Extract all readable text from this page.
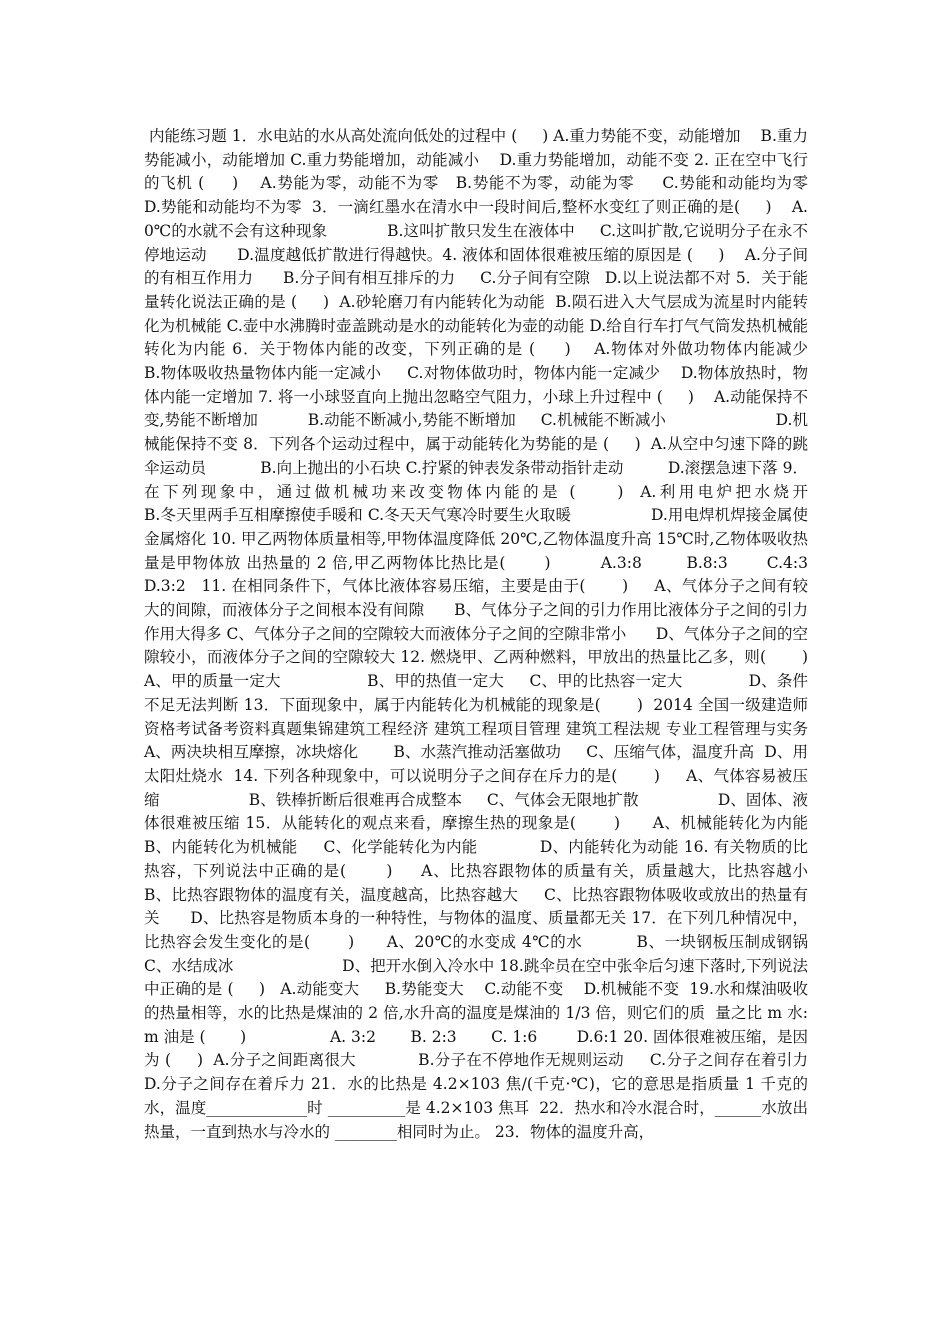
内能练习题 1．水电站的水从高处流向低处的过程中 (     ) A.重力势能不变，动能增加    B.重力势能减小，动能增加 C.重力势能增加，动能减小    D.重力势能增加，动能不变 2. 正在空中飞行的飞机 (     )    A.势能为零，动能不为零   B.势能不为零，动能为零     C.势能和动能均为零      D.势能和动能均不为零  3．一滴红墨水在清水中一段时间后,整杯水变红了则正确的是(     )    A.0℃的水就不会有这种现象            B.这叫扩散只发生在液体中     C.这叫扩散,它说明分子在永不停地运动      D.温度越低扩散进行得越快。4. 液体和固体很难被压缩的原因是 (     )    A.分子间的有相互作用力      B.分子间有相互排斥的力     C.分子间有空隙   D.以上说法都不对 5．关于能量转化说法正确的是 (     )  A.砂轮磨刀有内能转化为动能  B.陨石进入大气层成为流星时内能转化为机械能 C.壶中水沸腾时壶盖跳动是水的动能转化为壶的动能 D.给自行车打气气筒发热机械能转化为内能 6．关于物体内能的改变，下列正确的是 (     )    A.物体对外做功物体内能减少            B.物体吸收热量物体内能一定减小     C.对物体做功时，物体内能一定减少    D.物体放热时，物体内能一定增加 7. 将一小球竖直向上抛出忽略空气阻力，小球上升过程中 (     )    A.动能保持不变,势能不断增加          B.动能不断减小,势能不断增加     C.机械能不断减小                      D.机械能保持不变 8．下列各个运动过程中，属于动能转化为势能的是 (     )  A.从空中匀速下降的跳伞运动员           B.向上抛出的小石块 C.拧紧的钟表发条带动指针走动         D.滚摆急速下落 9．在下列现象中，通过做机械功来改变物体内能的是 (     )  A.利用电炉把水烧开                         B.冬天里两手互相摩擦使手暖和 C.冬天天气寒冷时要生火取暖                D.用电焊机焊接金属使金属熔化 10. 甲乙两物体质量相等,甲物体温度降低 20℃,乙物体温度升高 15℃时,乙物体吸收热量是甲物体放 出热量的 2 倍,甲乙两物体比热比是(       )         A.3:8        B.8:3       C.4:3        D.3:2   11. 在相同条件下，气体比液体容易压缩，主要是由于(       )     A、气体分子之间有较大的间隙，而液体分子之间根本没有间隙      B、气体分子之间的引力作用比液体分子之间的引力作用大得多 C、气体分子之间的空隙较大而液体分子之间的空隙非常小      D、气体分子之间的空隙较小，而液体分子之间的空隙较大 12. 燃烧甲、乙两种燃料，甲放出的热量比乙多，则(       )     A、甲的质量一定大                 B、甲的热值一定大     C、甲的比热容一定大             D、条件不足无法判断 13．下面现象中，属于内能转化为机械能的现象是(       )  2014 全国一级建造师资格考试备考资料真题集锦建筑工程经济 建筑工程项目管理 建筑工程法规 专业工程管理与实务     A、两决块相互摩擦，冰块熔化       B、水蒸汽推动活塞做功     C、压缩气体，温度升高  D、用太阳灶烧水  14. 下列各种现象中，可以说明分子之间存在斥力的是(       )     A、气体容易被压缩                  B、铁棒折断后很难再合成整本     C、气体会无限地扩散                D、固体、液体很难被压缩 15．从能转化的观点来看，摩擦生热的现象是(       )      A、机械能转化为内能            B、内能转化为机械能     C、化学能转化为内能            D、内能转化为动能 16. 有关物质的比热容，下列说法中正确的是(       )     A、比热容跟物体的质量有关，质量越大，比热容越小     B、比热容跟物体的温度有关，温度越高，比热容越大     C、比热容跟物体吸收或放出的热量有关      D、比热容是物质本身的一种特性，与物体的温度、质量都无关 17．在下列几种情况中，比热容会发生变化的是(       )      A、20℃的水变成 4℃的水          B、一块钢板压制成钢锅      C、水结成冰                      D、把开水倒入冷水中 18.跳伞员在空中张伞后匀速下落时,下列说法中正确的是 (     )   A.动能变大     B.势能变大    C.动能不变    D.机械能不变  19.水和煤油吸收的热量相等，水的比热是煤油的 2 倍,水升高的温度是煤油的 1/3 倍，则它们的质  量之比 m 水:m 油是 (       )                 A. 3:2       B. 2:3       C. 1:6        D.6:1 20. 固体很难被压缩，是因为 (     )  A.分子之间距离很大            B.分子在不停地作无规则运动     C.分子之间存在着引力      D.分子之间存在着斥力 21．水的比热是 4.2×103 焦/(千克·℃)，它的意思是指质量 1 千克的水，温度_____________时 __________是 4.2×103 焦耳  22．热水和冷水混合时，______水放出热量，一直到热水与冷水的 ________相同时为止。 23．物体的温度升高，
